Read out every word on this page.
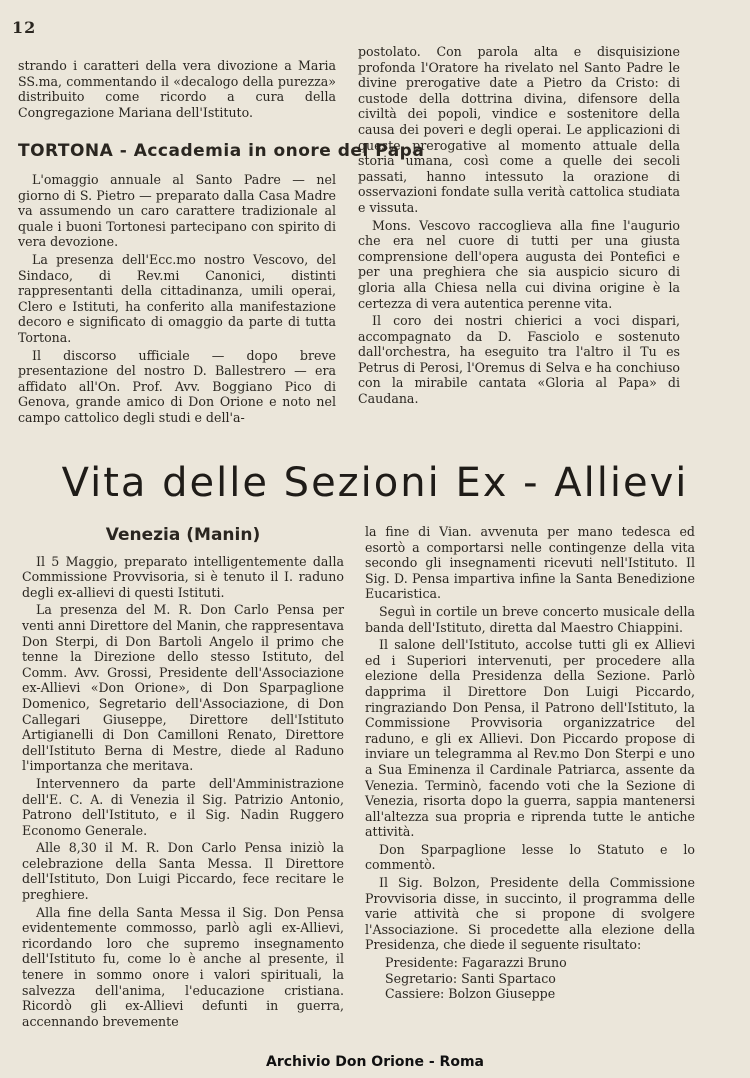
12

strando i caratteri della vera divozione a Maria SS.ma, commentando il «decalogo della purezza» distribuito come ricordo a cura della Congregazione Mariana dell'Istituto.

TORTONA - Accademia in onore del Papa

L'omaggio annuale al Santo Padre — nel giorno di S. Pietro — preparato dalla Casa Madre va assumendo un caro carattere tradizionale al quale i buoni Tortonesi partecipano con spirito di vera devozione.

La presenza dell'Ecc.mo nostro Vescovo, del Sindaco, di Rev.mi Canonici, distinti rappresentanti della cittadinanza, umili operai, Clero e Istituti, ha conferito alla manifestazione decoro e significato di omaggio da parte di tutta Tortona.

Il discorso ufficiale — dopo breve presentazione del nostro D. Ballestrero — era affidato all'On. Prof. Avv. Boggiano Pico di Genova, grande amico di Don Orione e noto nel campo cattolico degli studi e dell'a-

postolato. Con parola alta e disquisizione profonda l'Oratore ha rivelato nel Santo Padre le divine prerogative date a Pietro da Cristo: di custode della dottrina divina, difensore della civiltà dei popoli, vindice e sostenitore della causa dei poveri e degli operai. Le applicazioni di queste prerogative al momento attuale della storia umana, così come a quelle dei secoli passati, hanno intessuto la orazione di osservazioni fondate sulla verità cattolica studiata e vissuta.

Mons. Vescovo raccoglieva alla fine l'augurio che era nel cuore di tutti per una giusta comprensione dell'opera augusta dei Pontefici e per una preghiera che sia auspicio sicuro di gloria alla Chiesa nella cui divina origine è la certezza di vera autentica perenne vita.

Il coro dei nostri chierici a voci dispari, accompagnato da D. Fasciolo e sostenuto dall'orchestra, ha eseguito tra l'altro il Tu es Petrus di Perosi, l'Oremus di Selva e ha conchiuso con la mirabile cantata «Gloria al Papa» di Caudana.

Vita delle Sezioni Ex - Allievi
Venezia (Manin)

Il 5 Maggio, preparato intelligentemente dalla Commissione Provvisoria, si è tenuto il I. raduno degli ex-allievi di questi Istituti.

La presenza del M. R. Don Carlo Pensa per venti anni Direttore del Manin, che rappresentava Don Sterpi, di Don Bartoli Angelo il primo che tenne la Direzione dello stesso Istituto, del Comm. Avv. Grossi, Presidente dell'Associazione ex-Allievi «Don Orione», di Don Sparpaglione Domenico, Segretario dell'Associazione, di Don Callegari Giuseppe, Direttore dell'Istituto Artigianelli di Don Camilloni Renato, Direttore dell'Istituto Berna di Mestre, diede al Raduno l'importanza che meritava.

Intervennero da parte dell'Amministrazione dell'E. C. A. di Venezia il Sig. Patrizio Antonio, Patrono dell'Istituto, e il Sig. Nadin Ruggero Economo Generale.

Alle 8,30 il M. R. Don Carlo Pensa iniziò la celebrazione della Santa Messa. Il Direttore dell'Istituto, Don Luigi Piccardo, fece recitare le preghiere.

Alla fine della Santa Messa il Sig. Don Pensa evidentemente commosso, parlò agli ex-Allievi, ricordando loro che supremo insegnamento dell'Istituto fu, come lo è anche al presente, il tenere in sommo onore i valori spirituali, la salvezza dell'anima, l'educazione cristiana. Ricordò gli ex-Allievi defunti in guerra, accennando brevemente

la fine di Vian. avvenuta per mano tedesca ed esortò a comportarsi nelle contingenze della vita secondo gli insegnamenti ricevuti nell'Istituto. Il Sig. D. Pensa impartiva infine la Santa Benedizione Eucaristica.

Seguì in cortile un breve concerto musicale della banda dell'Istituto, diretta dal Maestro Chiappini.

Il salone dell'Istituto, accolse tutti gli ex Allievi ed i Superiori intervenuti, per procedere alla elezione della Presidenza della Sezione. Parlò dapprima il Direttore Don Luigi Piccardo, ringraziando Don Pensa, il Patrono dell'Istituto, la Commissione Provvisoria organizzatrice del raduno, e gli ex Allievi. Don Piccardo propose di inviare un telegramma al Rev.mo Don Sterpi e uno a Sua Eminenza il Cardinale Patriarca, assente da Venezia. Terminò, facendo voti che la Sezione di Venezia, risorta dopo la guerra, sappia mantenersi all'altezza sua propria e riprenda tutte le antiche attività.

Don Sparpaglione lesse lo Statuto e lo commentò.

Il Sig. Bolzon, Presidente della Commissione Provvisoria disse, in succinto, il programma delle varie attività che si propone di svolgere l'Associazione. Si procedette alla elezione della Presidenza, che diede il seguente risultato:

Presidente: Fagarazzi Bruno

Segretario: Santi Spartaco

Cassiere: Bolzon Giuseppe

Archivio Don Orione - Roma
